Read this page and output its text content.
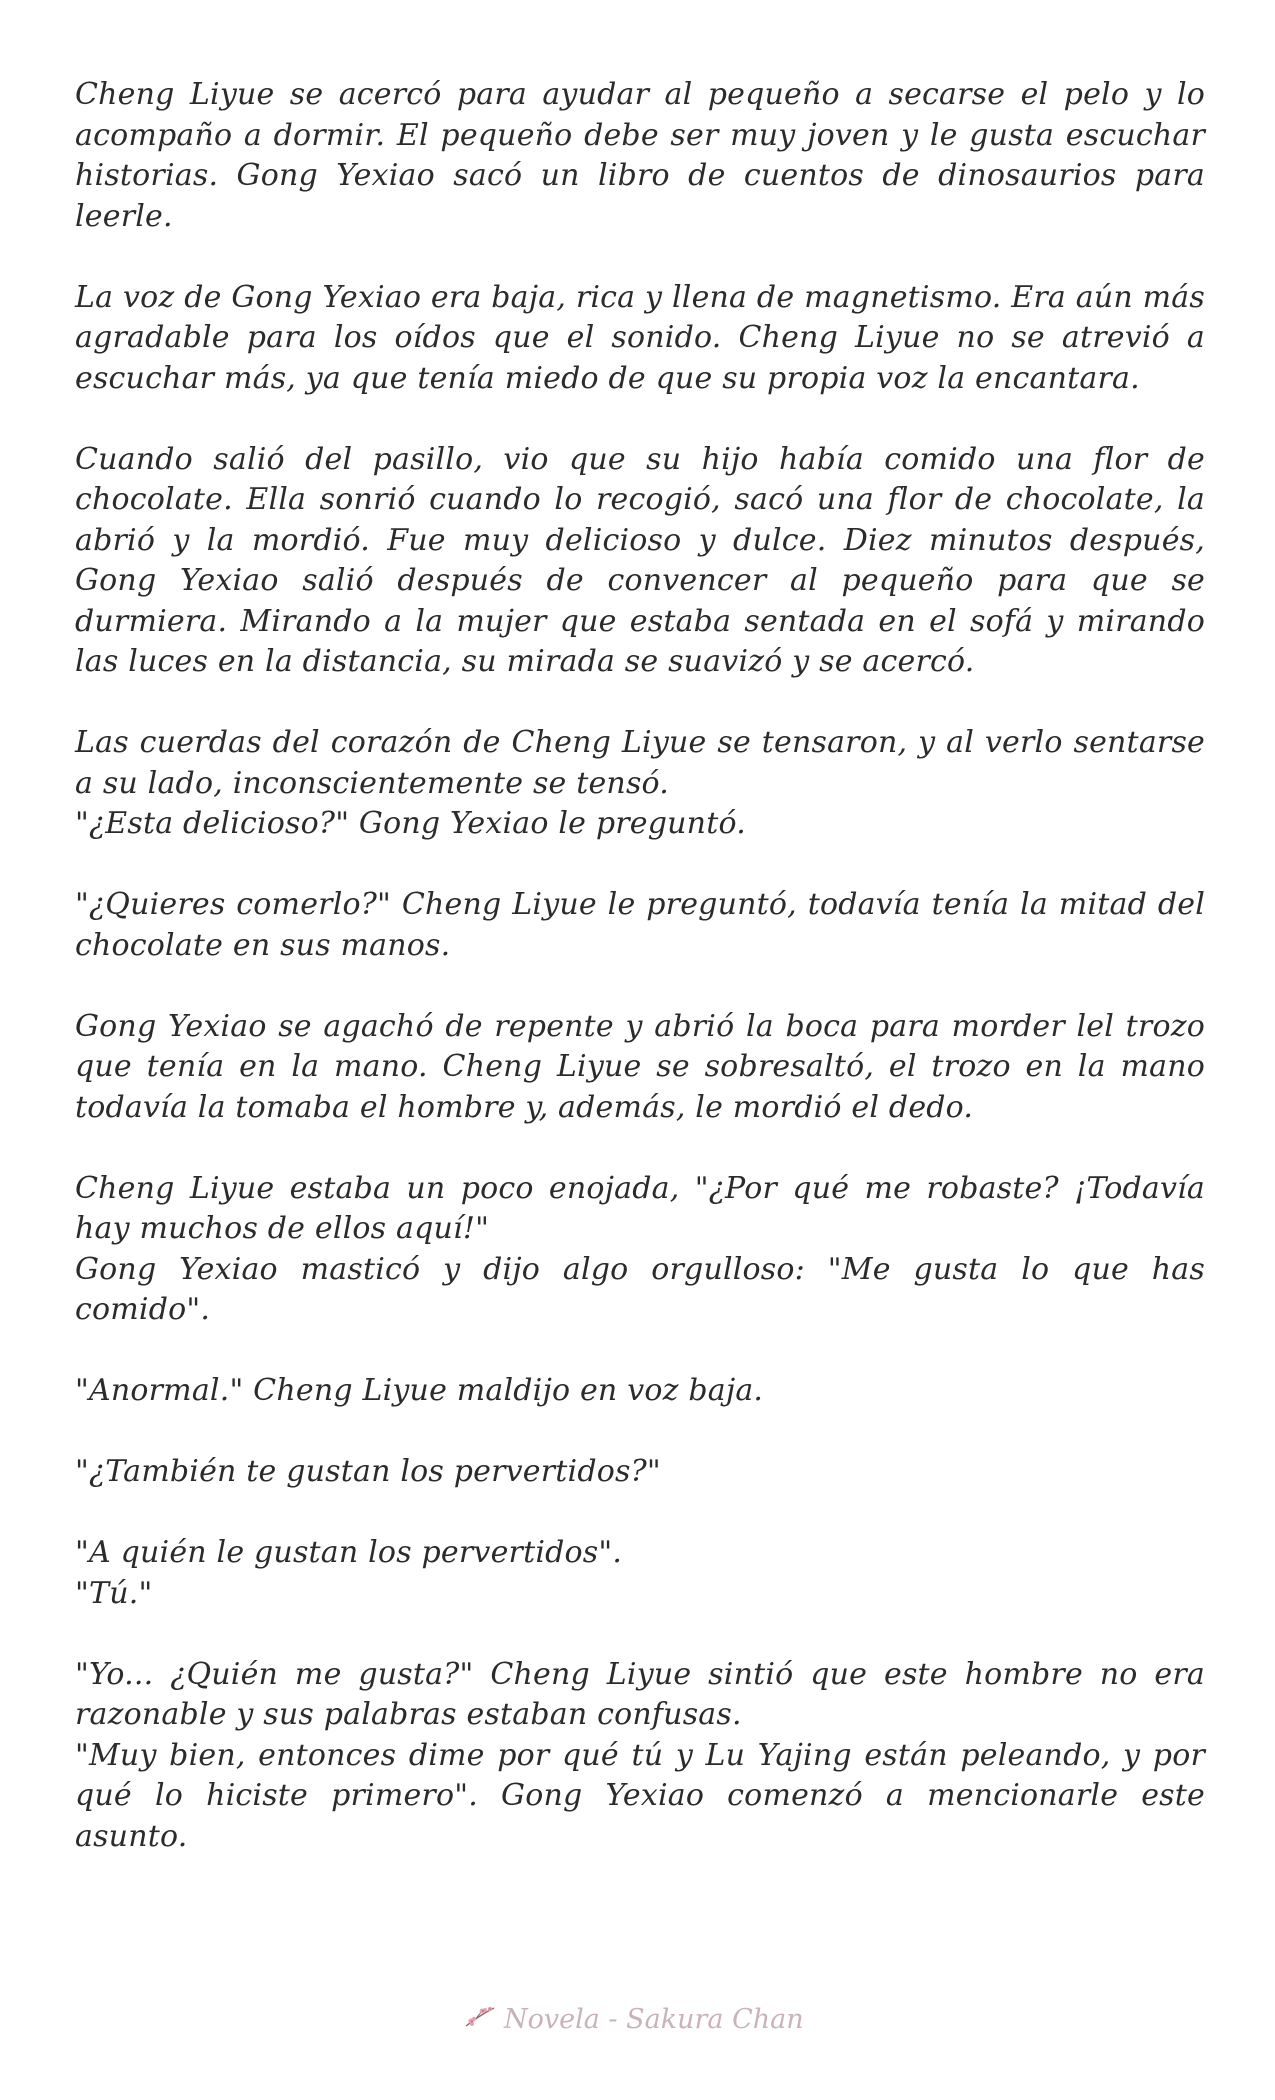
Cheng Liyue se acercó para ayudar al pequeño a secarse el pelo y lo acompaño a dormir. El pequeño debe ser muy joven y le gusta escuchar historias. Gong Yexiao sacó un libro de cuentos de dinosaurios para leerle.

La voz de Gong Yexiao era baja, rica y llena de magnetismo. Era aún más agradable para los oídos que el sonido. Cheng Liyue no se atrevió a escuchar más, ya que tenía miedo de que su propia voz la encantara.

Cuando salió del pasillo, vio que su hijo había comido una flor de chocolate. Ella sonrió cuando lo recogió, sacó una flor de chocolate, la abrió y la mordió. Fue muy delicioso y dulce. Diez minutos después, Gong Yexiao salió después de convencer al pequeño para que se durmiera. Mirando a la mujer que estaba sentada en el sofá y mirando las luces en la distancia, su mirada se suavizó y se acercó.

Las cuerdas del corazón de Cheng Liyue se tensaron, y al verlo sentarse a su lado, inconscientemente se tensó.
"¿Esta delicioso?" Gong Yexiao le preguntó.

"¿Quieres comerlo?" Cheng Liyue le preguntó, todavía tenía la mitad del chocolate en sus manos.

Gong Yexiao se agachó de repente y abrió la boca para morder lel trozo que tenía en la mano. Cheng Liyue se sobresaltó, el trozo en la mano todavía la tomaba el hombre y, además, le mordió el dedo.

Cheng Liyue estaba un poco enojada, "¿Por qué me robaste? ¡Todavía hay muchos de ellos aquí!"
Gong Yexiao masticó y dijo algo orgulloso: "Me gusta lo que has comido".

"Anormal." Cheng Liyue maldijo en voz baja.

"¿También te gustan los pervertidos?"

"A quién le gustan los pervertidos".
"Tú."

"Yo... ¿Quién me gusta?" Cheng Liyue sintió que este hombre no era razonable y sus palabras estaban confusas.
"Muy bien, entonces dime por qué tú y Lu Yajing están peleando, y por qué lo hiciste primero". Gong Yexiao comenzó a mencionarle este asunto.

Novela - Sakura Chan
